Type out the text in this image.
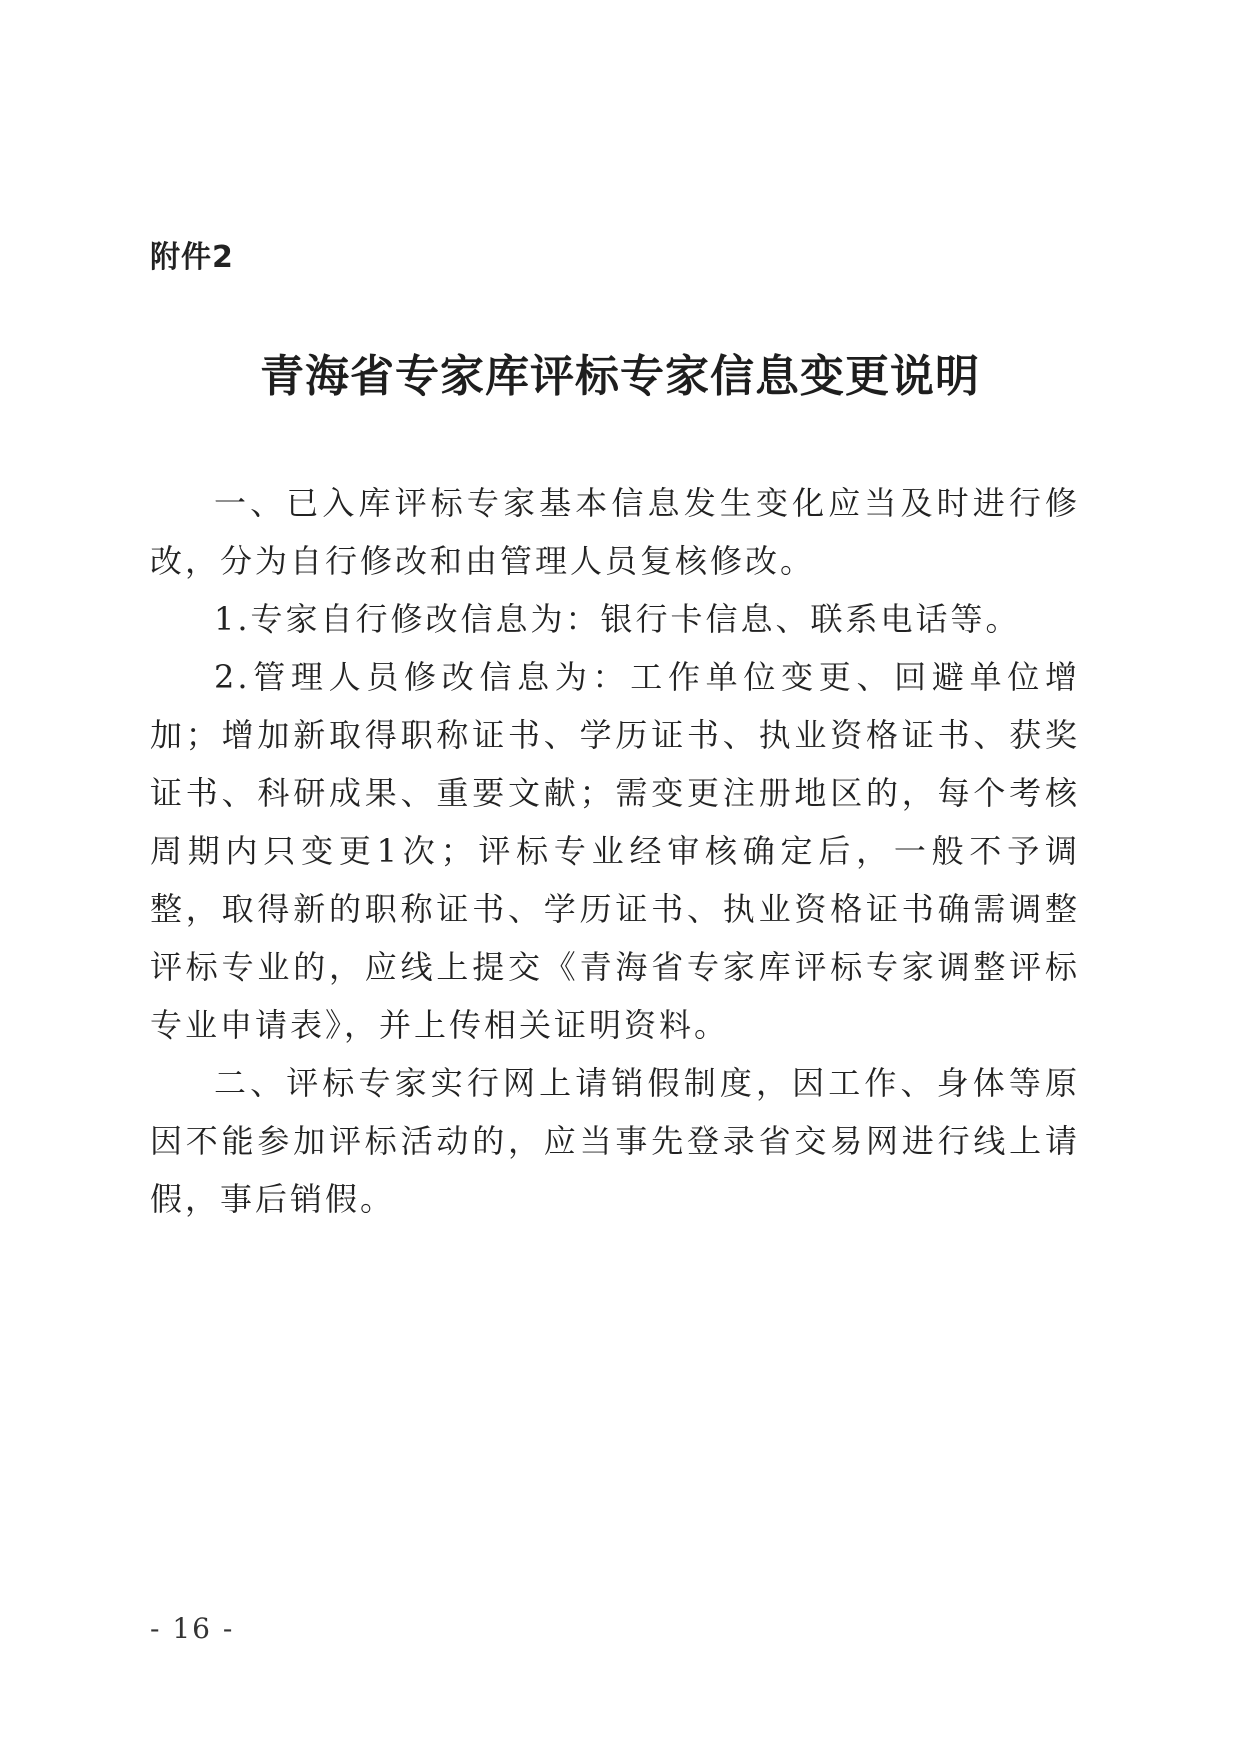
附件2
青海省专家库评标专家信息变更说明

一、已入库评标专家基本信息发生变化应当及时进行修改，分为自行修改和由管理人员复核修改。

1.专家自行修改信息为：银行卡信息、联系电话等。

2.管理人员修改信息为：工作单位变更、回避单位增加；增加新取得职称证书、学历证书、执业资格证书、获奖证书、科研成果、重要文献；需变更注册地区的，每个考核周期内只变更1次；评标专业经审核确定后，一般不予调整，取得新的职称证书、学历证书、执业资格证书确需调整评标专业的，应线上提交《青海省专家库评标专家调整评标专业申请表》，并上传相关证明资料。

二、评标专家实行网上请销假制度，因工作、身体等原因不能参加评标活动的，应当事先登录省交易网进行线上请假，事后销假。

- 16 -
